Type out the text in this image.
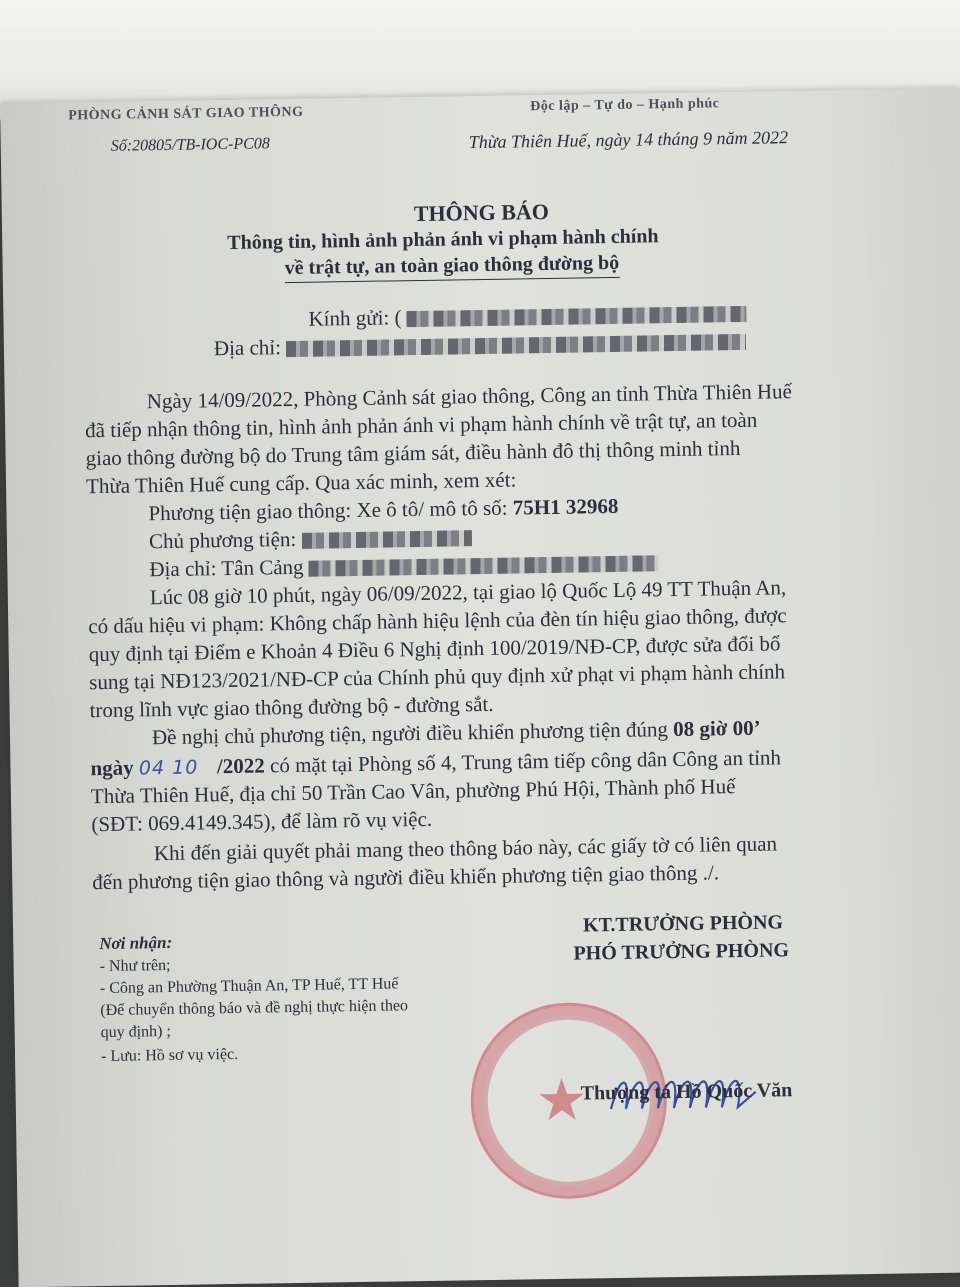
PHÒNG CẢNH SÁT GIAO THÔNG	Độc lập – Tự do – Hạnh phúc
Số:20805/TB-IOC-PC08	Thừa Thiên Huế, ngày 14 tháng 9 năm 2022
THÔNG BÁO
Thông tin, hình ảnh phản ánh vi phạm hành chính
về trật tự, an toàn giao thông đường bộ
Kính gửi: (
Địa chỉ:
Ngày 14/09/2022, Phòng Cảnh sát giao thông, Công an tỉnh Thừa Thiên Huế
đã tiếp nhận thông tin, hình ảnh phản ánh vi phạm hành chính về trật tự, an toàn
giao thông đường bộ do Trung tâm giám sát, điều hành đô thị thông minh tỉnh
Thừa Thiên Huế cung cấp. Qua xác minh, xem xét:
Phương tiện giao thông: Xe ô tô/ mô tô số: 75H1 32968
Chủ phương tiện:
Địa chỉ: Tân Cảng
Lúc 08 giờ 10 phút, ngày 06/09/2022, tại giao lộ Quốc Lộ 49 TT Thuận An,
có dấu hiệu vi phạm: Không chấp hành hiệu lệnh của đèn tín hiệu giao thông, được
quy định tại Điểm e Khoản 4 Điều 6 Nghị định 100/2019/NĐ-CP, được sửa đổi bổ
sung tại NĐ123/2021/NĐ-CP của Chính phủ quy định xử phạt vi phạm hành chính
trong lĩnh vực giao thông đường bộ - đường sắt.
Đề nghị chủ phương tiện, người điều khiển phương tiện đúng 08 giờ 00’
ngày 04 10 /2022 có mặt tại Phòng số 4, Trung tâm tiếp công dân Công an tỉnh
Thừa Thiên Huế, địa chỉ 50 Trần Cao Vân, phường Phú Hội, Thành phố Huế
(SĐT: 069.4149.345), để làm rõ vụ việc.
Khi đến giải quyết phải mang theo thông báo này, các giấy tờ có liên quan
đến phương tiện giao thông và người điều khiển phương tiện giao thông ./.
Nơi nhận:
- Như trên;
- Công an Phường Thuận An, TP Huế, TT Huế
(Để chuyển thông báo và đề nghị thực hiện theo
quy định) ;
- Lưu: Hồ sơ vụ việc.
★
KT.TRƯỞNG PHÒNG
PHÓ TRƯỞNG PHÒNG
Thượng tá Hồ Quốc Văn
